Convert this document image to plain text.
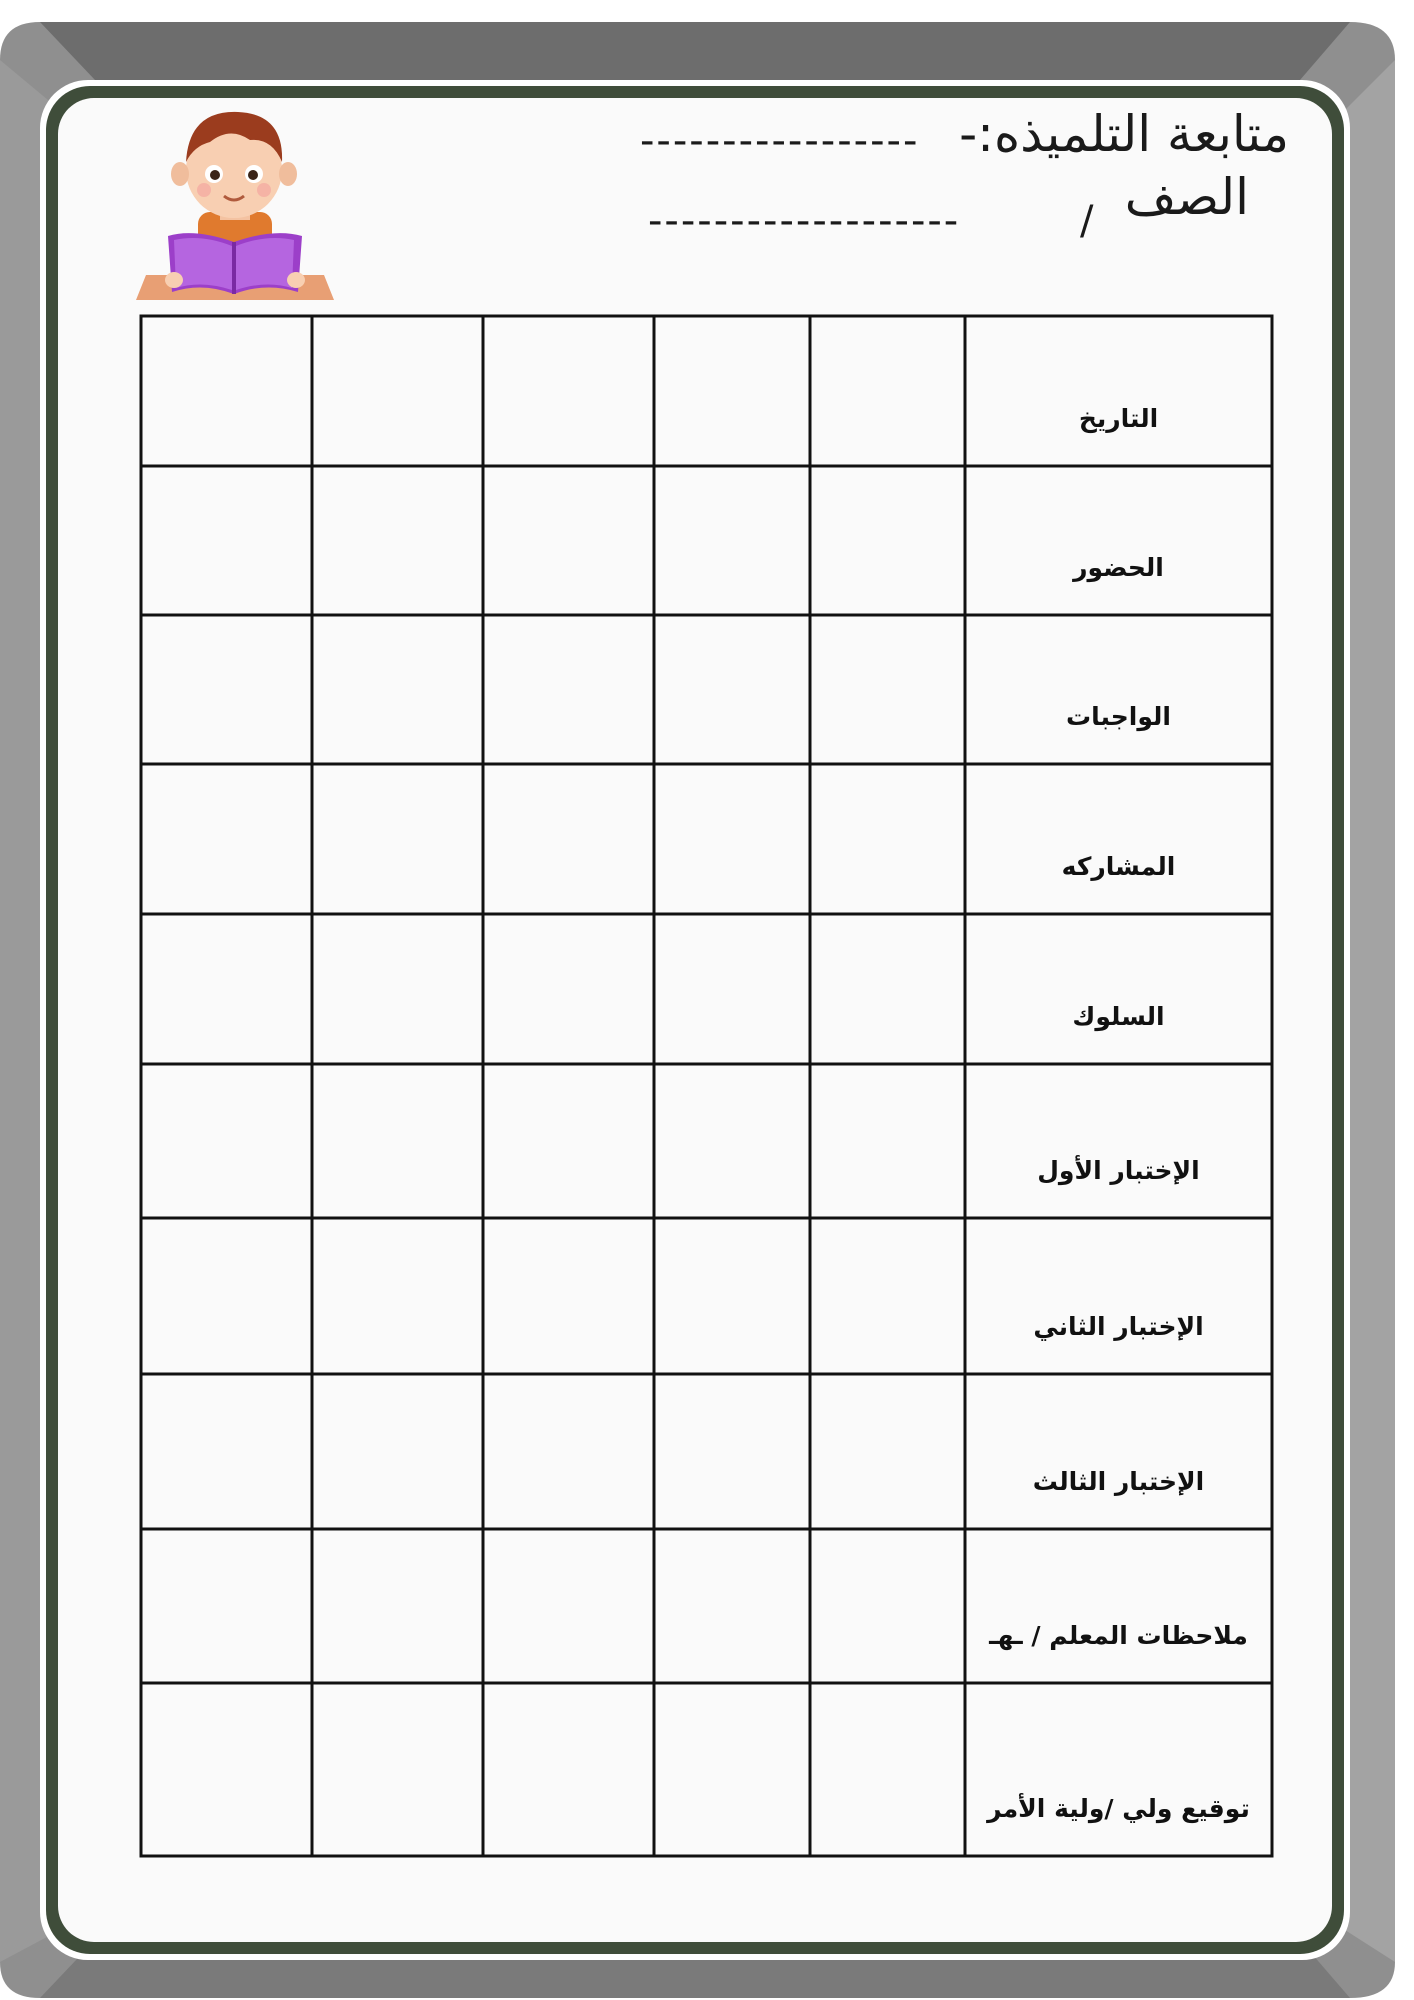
متابعة التلميذه:-
-----------------
الصف
/
-------------------
التاريخ
الحضور
الواجبات
المشاركه
السلوك
الإختبار الأول
الإختبار الثاني
الإختبار الثالث
ملاحظات المعلم / ـهـ
توقيع ولي /ولية الأمر
